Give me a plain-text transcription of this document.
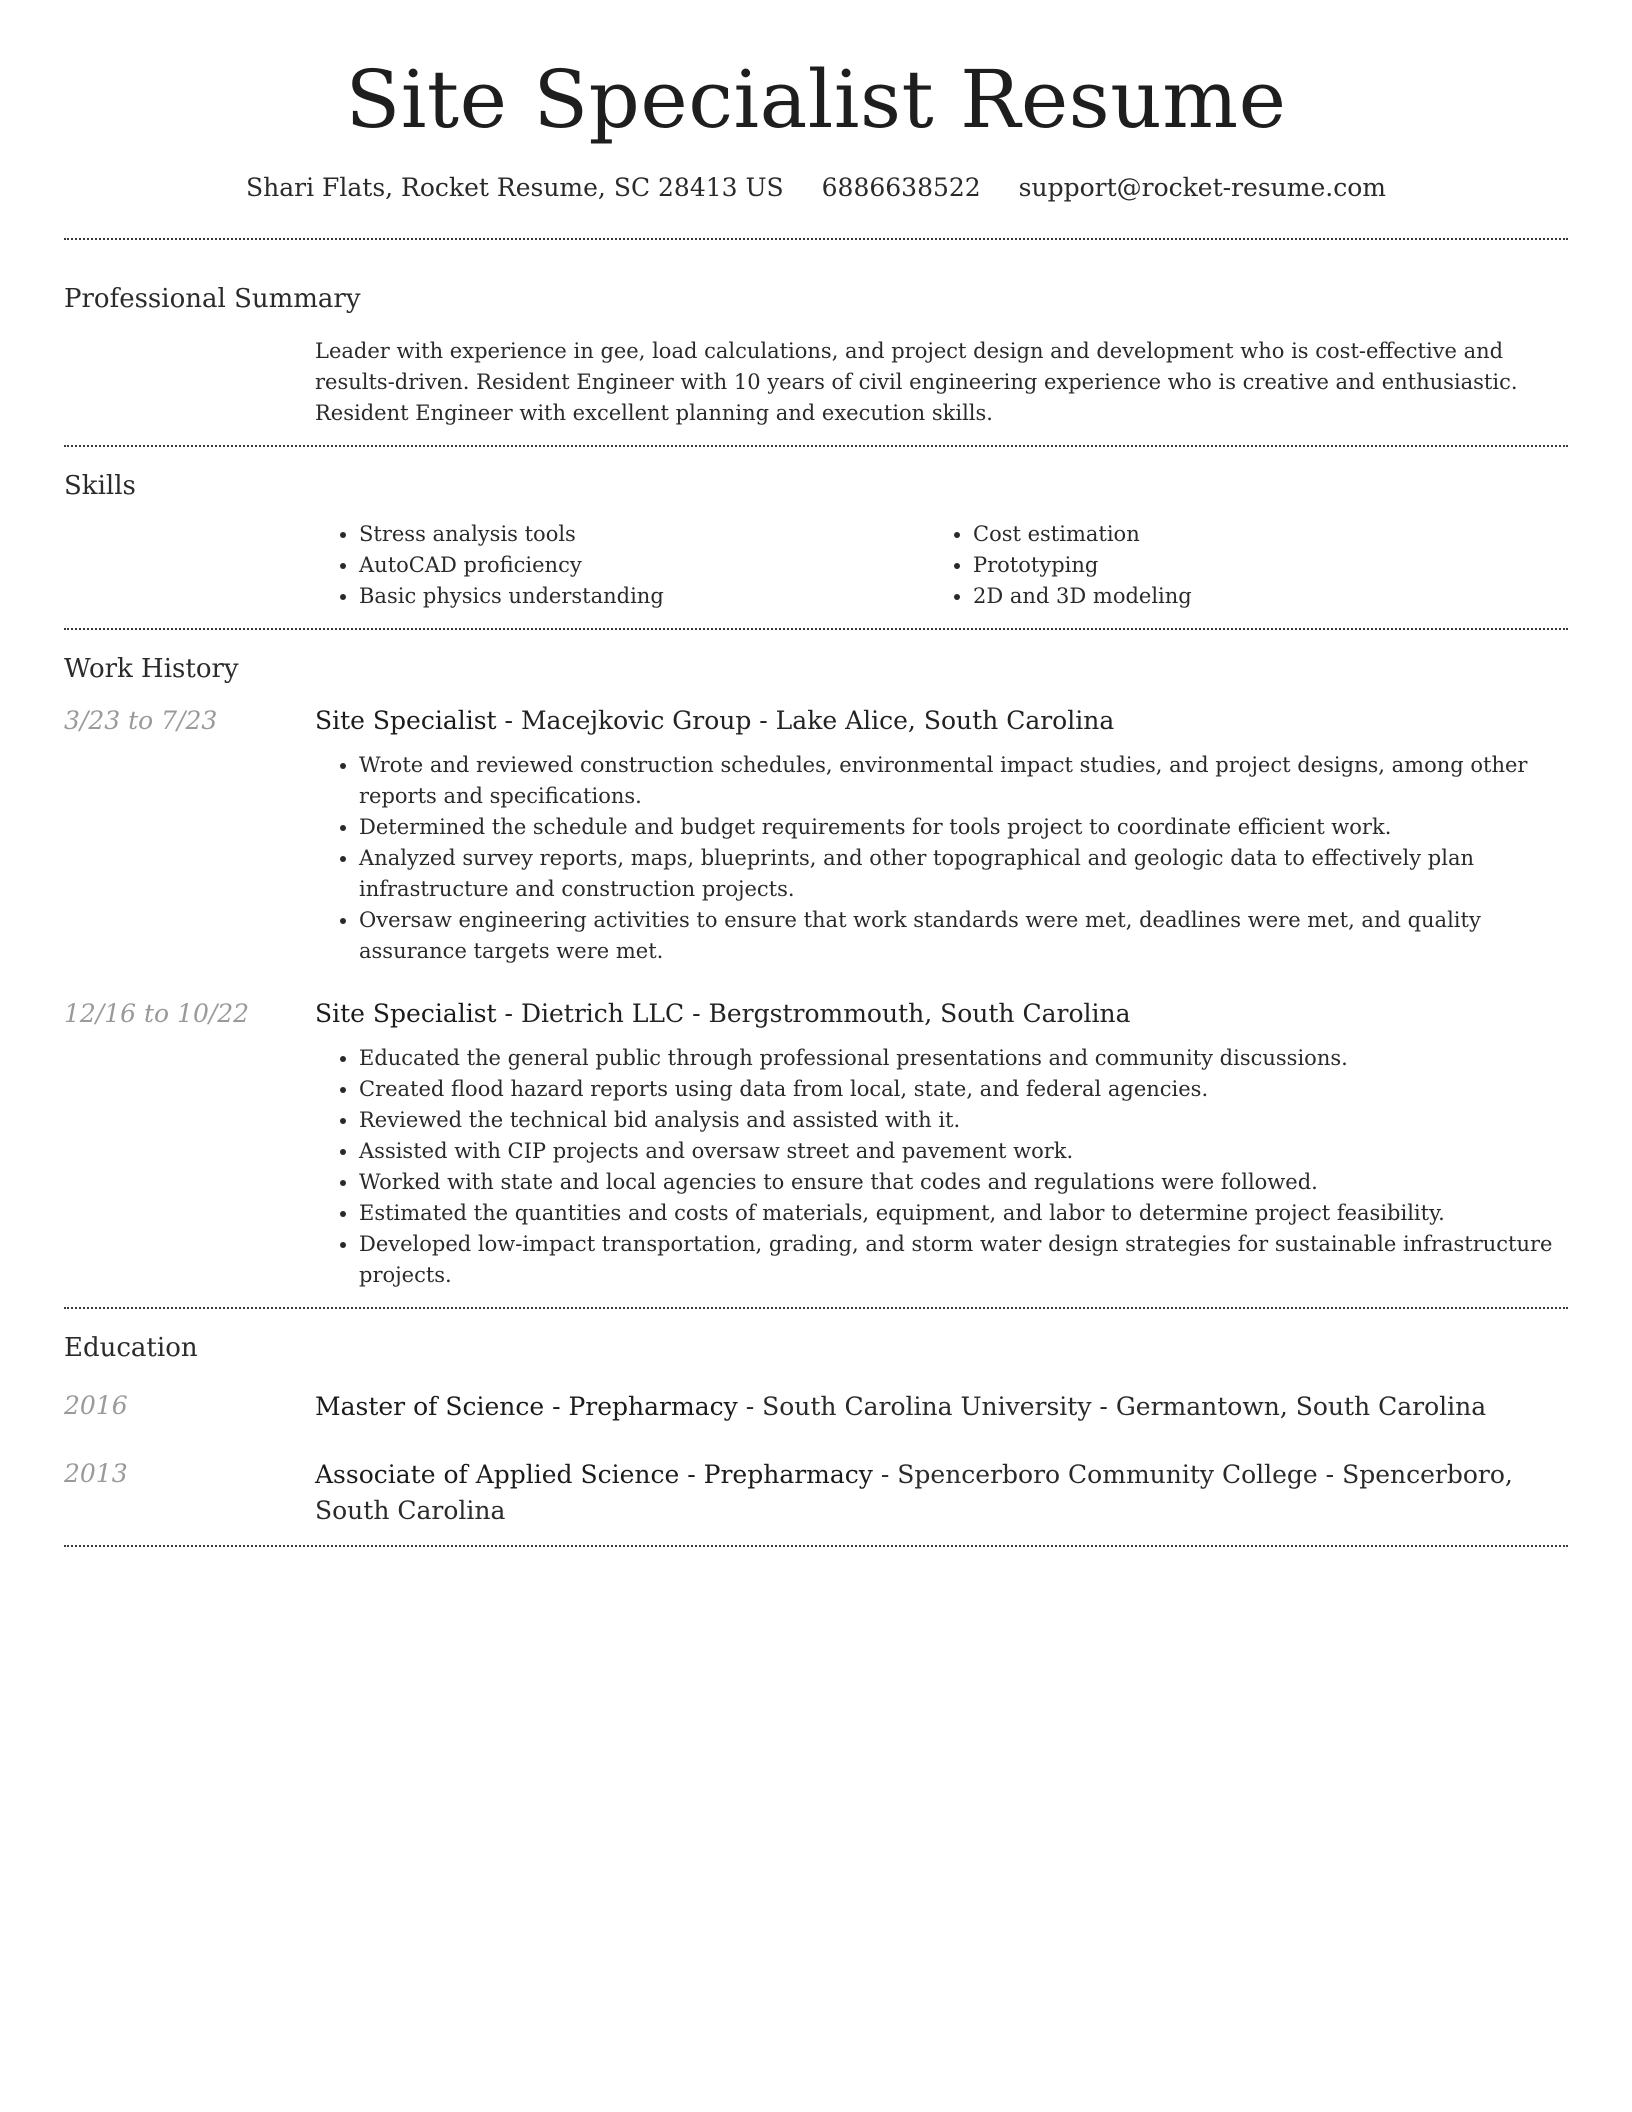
Site Specialist Resume
Shari Flats, Rocket Resume, SC 28413 US 6886638522 support@rocket-resume.com
Professional Summary
Leader with experience in gee, load calculations, and project design and development who is cost-effective and results-driven. Resident Engineer with 10 years of civil engineering experience who is creative and enthusiastic. Resident Engineer with excellent planning and execution skills.
Skills
• Stress analysis tools
• AutoCAD proficiency
• Basic physics understanding
• Cost estimation
• Prototyping
• 2D and 3D modeling
Work History
3/23 to 7/23	Site Specialist - Macejkovic Group - Lake Alice, South Carolina
• Wrote and reviewed construction schedules, environmental impact studies, and project designs, among other reports and specifications.
• Determined the schedule and budget requirements for tools project to coordinate efficient work.
• Analyzed survey reports, maps, blueprints, and other topographical and geologic data to effectively plan infrastructure and construction projects.
• Oversaw engineering activities to ensure that work standards were met, deadlines were met, and quality assurance targets were met.
12/16 to 10/22	Site Specialist - Dietrich LLC - Bergstrommouth, South Carolina
• Educated the general public through professional presentations and community discussions.
• Created flood hazard reports using data from local, state, and federal agencies.
• Reviewed the technical bid analysis and assisted with it.
• Assisted with CIP projects and oversaw street and pavement work.
• Worked with state and local agencies to ensure that codes and regulations were followed.
• Estimated the quantities and costs of materials, equipment, and labor to determine project feasibility.
• Developed low-impact transportation, grading, and storm water design strategies for sustainable infrastructure projects.
Education
2016	Master of Science - Prepharmacy - South Carolina University - Germantown, South Carolina
2013	Associate of Applied Science - Prepharmacy - Spencerboro Community College - Spencerboro, South Carolina
